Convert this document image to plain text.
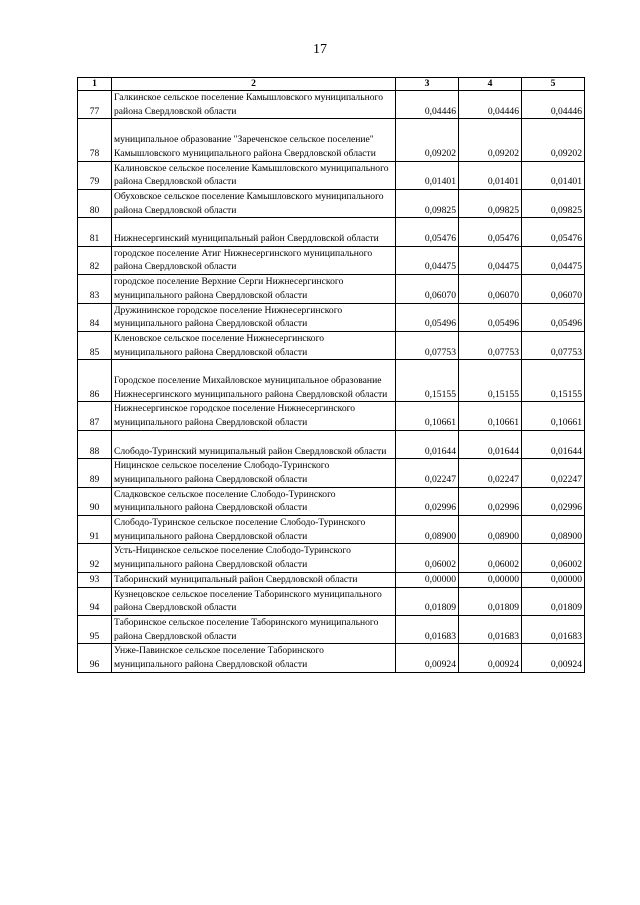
17
1	2	3	4	5
77	Галкинское сельское поселение Камышловского муниципального района Свердловской области	0,04446	0,04446	0,04446
78	муниципальное образование "Зареченское сельское поселение" Камышловского муниципального района Свердловской области	0,09202	0,09202	0,09202
79	Калиновское сельское поселение Камышловского муниципального района Свердловской области	0,01401	0,01401	0,01401
80	Обуховское сельское поселение Камышловского муниципального района Свердловской области	0,09825	0,09825	0,09825
81	Нижнесергинский муниципальный район Свердловской области	0,05476	0,05476	0,05476
82	городское поселение Атиг Нижнесергинского муниципального района Свердловской области	0,04475	0,04475	0,04475
83	городское поселение Верхние Серги Нижнесергинского муниципального района Свердловской области	0,06070	0,06070	0,06070
84	Дружининское городское поселение Нижнесергинского муниципального района Свердловской области	0,05496	0,05496	0,05496
85	Кленовское сельское поселение Нижнесергинского муниципального района Свердловской области	0,07753	0,07753	0,07753
86	Городское поселение Михайловское муниципальное образование Нижнесергинского муниципального района Свердловской области	0,15155	0,15155	0,15155
87	Нижнесергинское городское поселение Нижнесергинского муниципального района Свердловской области	0,10661	0,10661	0,10661
88	Слободо-Туринский муниципальный район Свердловской области	0,01644	0,01644	0,01644
89	Ницинское сельское поселение Слободо-Туринского муниципального района Свердловской области	0,02247	0,02247	0,02247
90	Сладковское сельское поселение Слободо-Туринского муниципального района Свердловской области	0,02996	0,02996	0,02996
91	Слободо-Туринское сельское поселение Слободо-Туринского муниципального района Свердловской области	0,08900	0,08900	0,08900
92	Усть-Ницинское сельское поселение Слободо-Туринского муниципального района Свердловской области	0,06002	0,06002	0,06002
93	Таборинский муниципальный район Свердловской области	0,00000	0,00000	0,00000
94	Кузнецовское сельское поселение Таборинского муниципального района Свердловской области	0,01809	0,01809	0,01809
95	Таборинское сельское поселение Таборинского муниципального района Свердловской области	0,01683	0,01683	0,01683
96	Унже-Павинское сельское поселение Таборинского муниципального района Свердловской области	0,00924	0,00924	0,00924
